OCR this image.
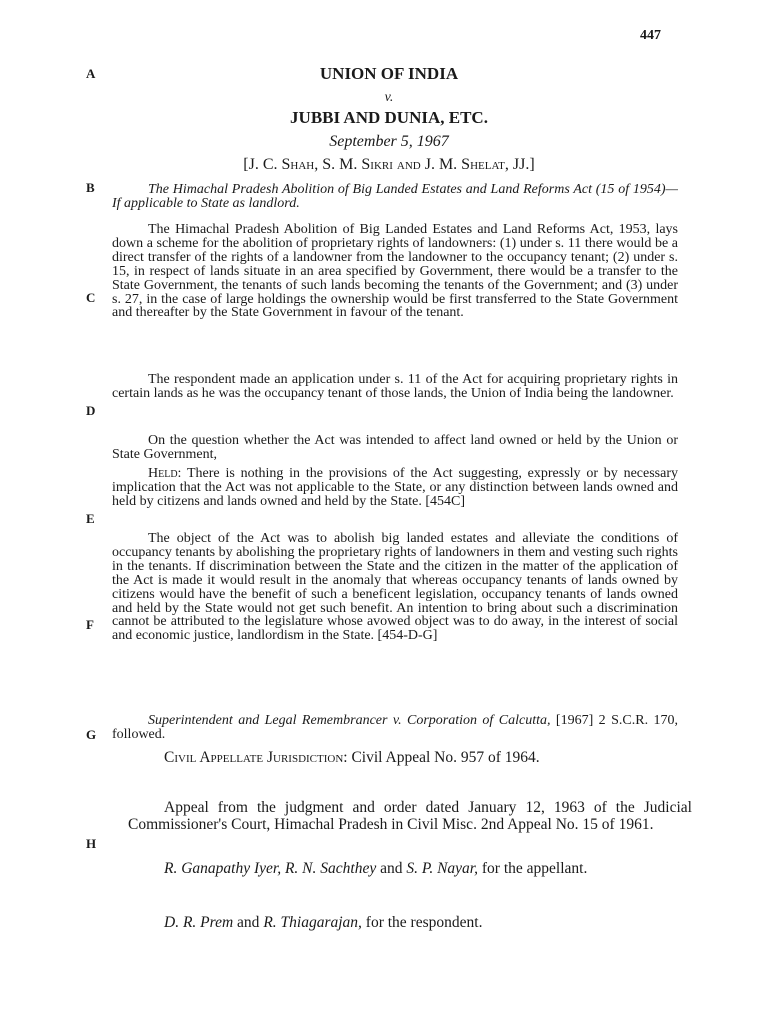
447
A
B
C
D
E
F
G
H
UNION OF INDIA
v.
JUBBI AND DUNIA, ETC.
September 5, 1967
[J. C. Shah, S. M. Sikri and J. M. Shelat, JJ.]

The Himachal Pradesh Abolition of Big Landed Estates and Land Reforms Act (15 of 1954)—If applicable to State as landlord.

The Himachal Pradesh Abolition of Big Landed Estates and Land Reforms Act, 1953, lays down a scheme for the abolition of proprietary rights of landowners: (1) under s. 11 there would be a direct transfer of the rights of a landowner from the landowner to the occupancy tenant; (2) under s. 15, in respect of lands situate in an area specified by Government, there would be a transfer to the State Government, the tenants of such lands becoming the tenants of the Government; and (3) under s. 27, in the case of large holdings the ownership would be first transferred to the State Government and thereafter by the State Government in favour of the tenant.

The respondent made an application under s. 11 of the Act for acquiring proprietary rights in certain lands as he was the occupancy tenant of those lands, the Union of India being the landowner.

On the question whether the Act was intended to affect land owned or held by the Union or State Government,

Held: There is nothing in the provisions of the Act suggesting, expressly or by necessary implication that the Act was not applicable to the State, or any distinction between lands owned and held by citizens and lands owned and held by the State. [454C]

The object of the Act was to abolish big landed estates and alleviate the conditions of occupancy tenants by abolishing the proprietary rights of landowners in them and vesting such rights in the tenants. If discrimination between the State and the citizen in the matter of the application of the Act is made it would result in the anomaly that whereas occupancy tenants of lands owned by citizens would have the benefit of such a beneficent legislation, occupancy tenants of lands owned and held by the State would not get such benefit. An intention to bring about such a discrimination cannot be attributed to the legislature whose avowed object was to do away, in the interest of social and economic justice, landlordism in the State. [454-D-G]

Superintendent and Legal Remembrancer v. Corporation of Calcutta, [1967] 2 S.C.R. 170, followed.

Civil Appellate Jurisdiction: Civil Appeal No. 957 of 1964.

Appeal from the judgment and order dated January 12, 1963 of the Judicial Commissioner's Court, Himachal Pradesh in Civil Misc. 2nd Appeal No. 15 of 1961.

R. Ganapathy Iyer, R. N. Sachthey and S. P. Nayar, for the appellant.

D. R. Prem and R. Thiagarajan, for the respondent.
